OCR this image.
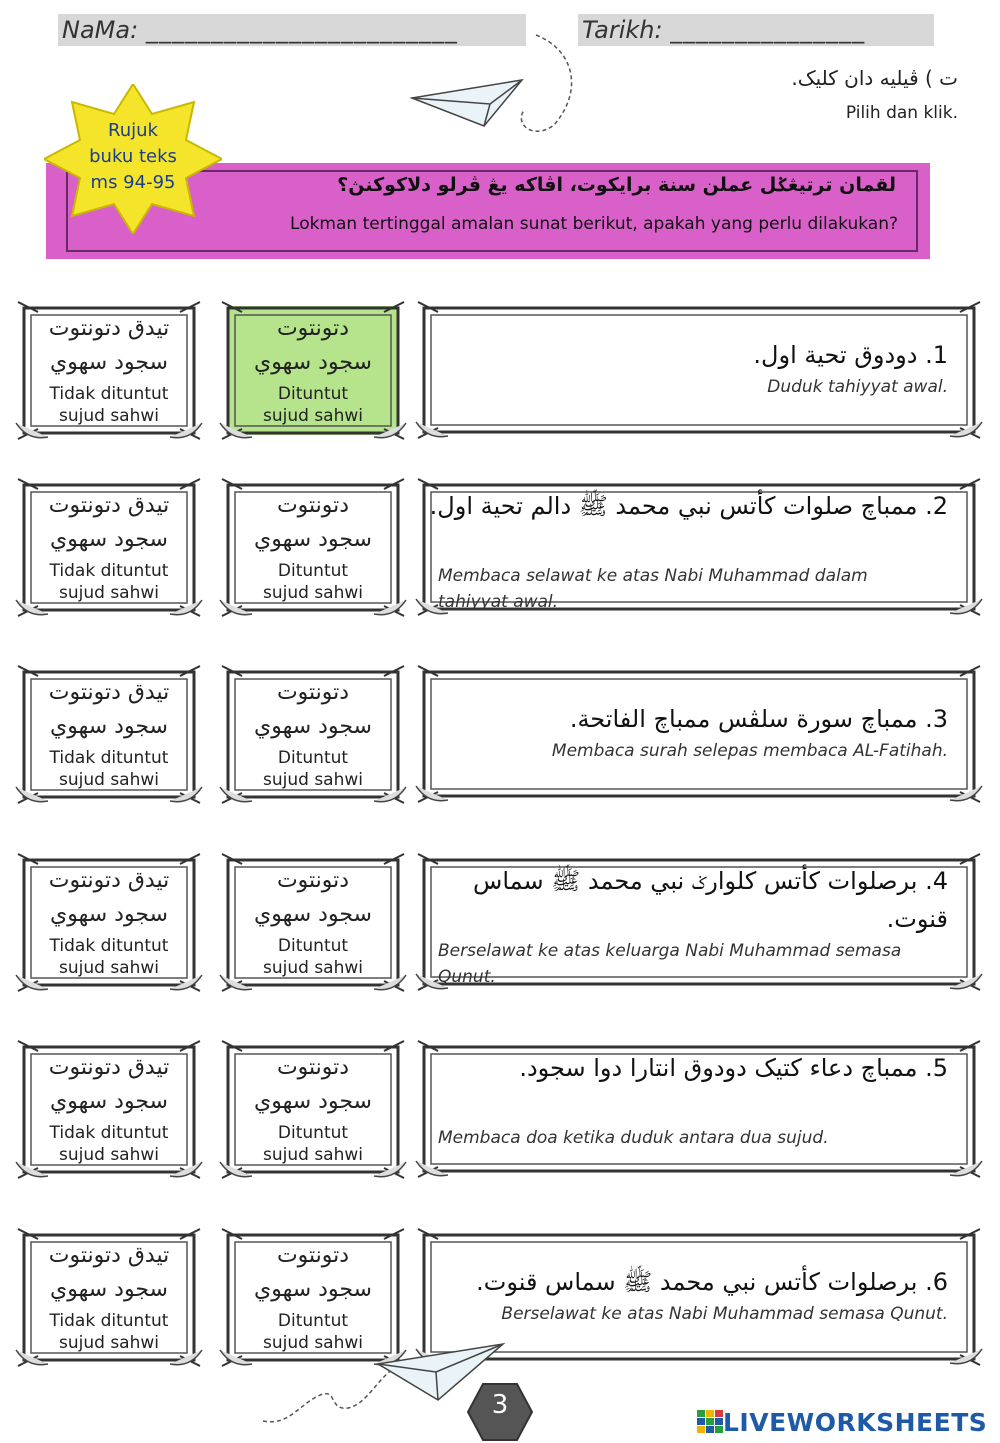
NaMa: ________________________	Tarikh: _______________
ت ) ڤيليه دان کليک.
Pilih dan klik.
لقمان ترتيڠݢل عملن سنة برايکوت، اڤاکه يڠ ڤرلو دلاکوکنڽ؟
Lokman tertinggal amalan sunat berikut, apakah yang perlu dilakukan?
Rujuk
buku teks
ms 94-95
تيدق دتونتوت
سجود سهوي
Tidak dituntut
sujud sahwi
دتونتوت
سجود سهوي
Dituntut
sujud sahwi
1. دودوق تحية اول.
Duduk tahiyyat awal.
تيدق دتونتوت
سجود سهوي
Tidak dituntut
sujud sahwi
دتونتوت
سجود سهوي
Dituntut
sujud sahwi
2. ممباچ صلوات کأتس نبي محمد ﷺ دالم تحية اول.
Membaca selawat ke atas Nabi Muhammad dalam tahiyyat awal.
تيدق دتونتوت
سجود سهوي
Tidak dituntut
sujud sahwi
دتونتوت
سجود سهوي
Dituntut
sujud sahwi
3. ممباچ سورة سلڤس ممباچ الفاتحة.
Membaca surah selepas membaca AL-Fatihah.
تيدق دتونتوت
سجود سهوي
Tidak dituntut
sujud sahwi
دتونتوت
سجود سهوي
Dituntut
sujud sahwi
4. برصلوات کأتس کلوارݢ نبي محمد ﷺ سماس قنوت.
Berselawat ke atas keluarga Nabi Muhammad semasa Qunut.
تيدق دتونتوت
سجود سهوي
Tidak dituntut
sujud sahwi
دتونتوت
سجود سهوي
Dituntut
sujud sahwi
5. ممباچ دعاء کتيک دودوق انتارا دوا سجود.
Membaca doa ketika duduk antara dua sujud.
تيدق دتونتوت
سجود سهوي
Tidak dituntut
sujud sahwi
دتونتوت
سجود سهوي
Dituntut
sujud sahwi
6. برصلوات کأتس نبي محمد ﷺ سماس قنوت.
Berselawat ke atas Nabi Muhammad semasa Qunut.
3
LIVEWORKSHEETS
